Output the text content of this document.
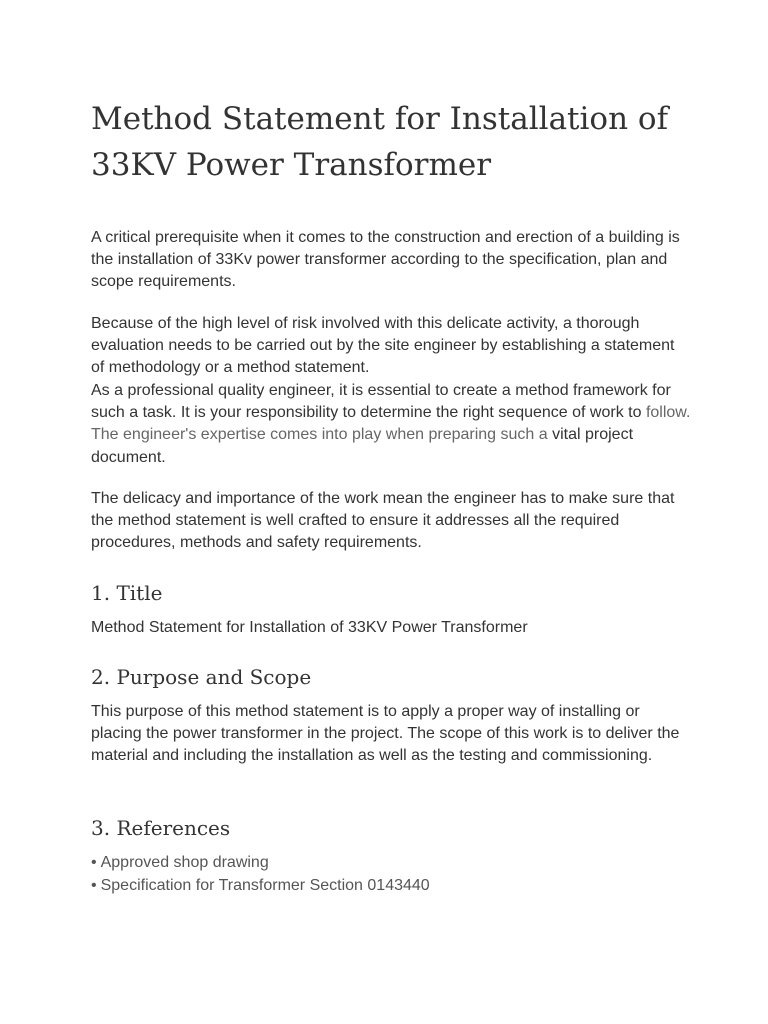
Method Statement for Installation of 33KV Power Transformer

A critical prerequisite when it comes to the construction and erection of a building is the installation of 33Kv power transformer according to the specification, plan and scope requirements.

Because of the high level of risk involved with this delicate activity, a thorough evaluation needs to be carried out by the site engineer by establishing a statement of methodology or a method statement.

As a professional quality engineer, it is essential to create a method framework for such a task. It is your responsibility to determine the right sequence of work to follow. The engineer's expertise comes into play when preparing such a vital project document.

The delicacy and importance of the work mean the engineer has to make sure that the method statement is well crafted to ensure it addresses all the required procedures, methods and safety requirements.

1. Title

Method Statement for Installation of 33KV Power Transformer

2. Purpose and Scope

This purpose of this method statement is to apply a proper way of installing or placing the power transformer in the project. The scope of this work is to deliver the material and including the installation as well as the testing and commissioning.

3. References
• Approved shop drawing
• Specification for Transformer Section 0143440
